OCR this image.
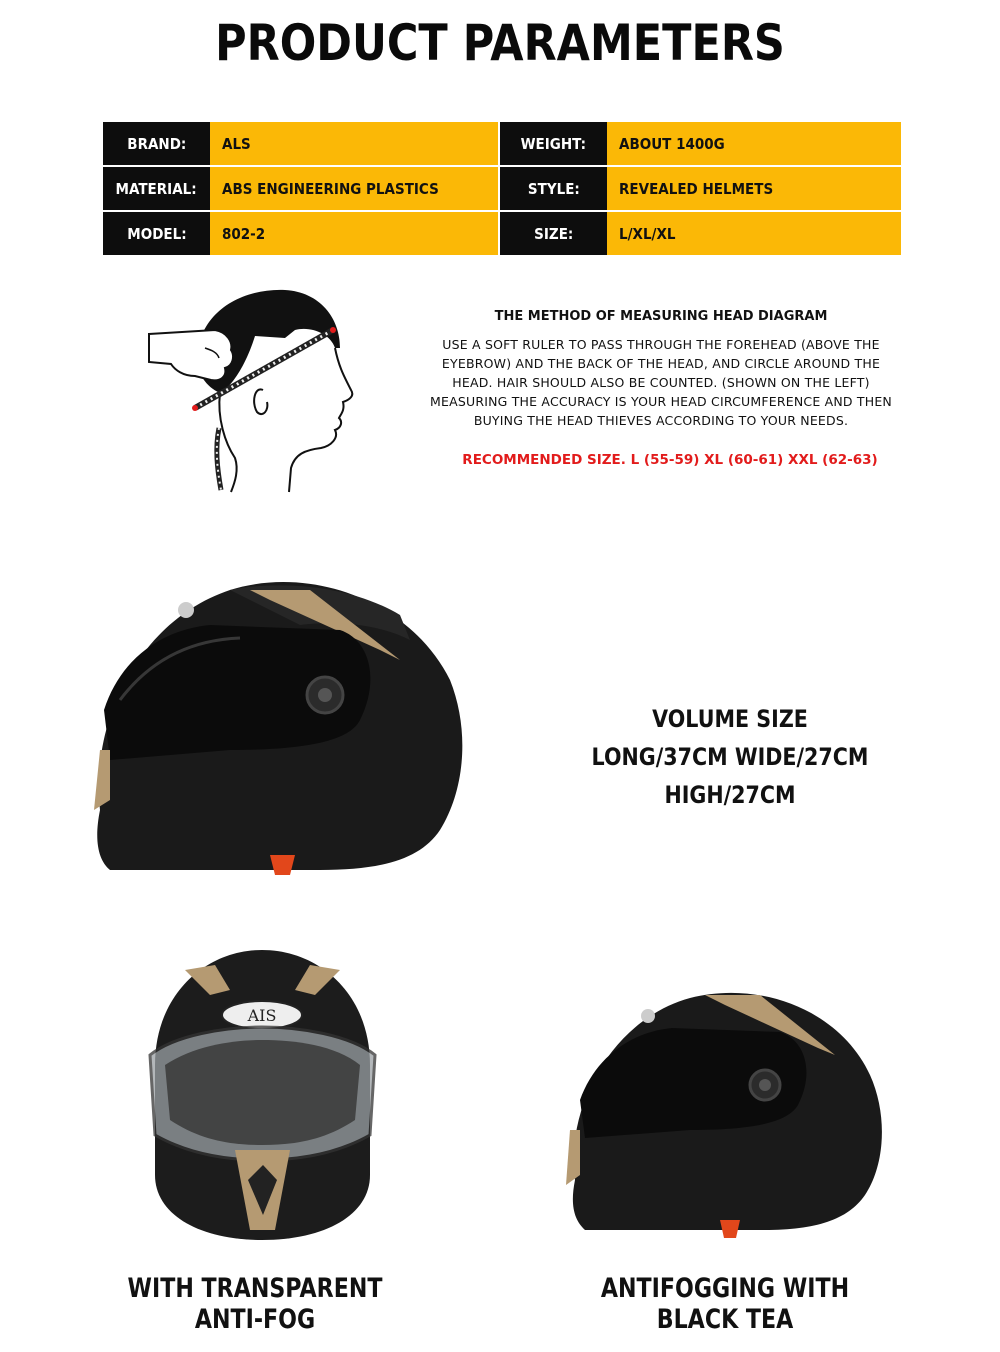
PRODUCT PARAMETERS
BRAND:	ALS	WEIGHT:	ABOUT 1400G
MATERIAL:	ABS ENGINEERING PLASTICS	STYLE:	REVEALED HELMETS
MODEL:	802-2	SIZE:	L/XL/XL
THE METHOD OF MEASURING HEAD DIAGRAM
USE A SOFT RULER TO PASS THROUGH THE FOREHEAD (ABOVE THE EYEBROW) AND THE BACK OF THE HEAD, AND CIRCLE AROUND THE HEAD. HAIR SHOULD ALSO BE COUNTED. (SHOWN ON THE LEFT) MEASURING THE ACCURACY IS YOUR HEAD CIRCUMFERENCE AND THEN BUYING THE HEAD THIEVES ACCORDING TO YOUR NEEDS.
RECOMMENDED SIZE. L (55-59) XL (60-61) XXL (62-63)
VOLUME SIZE
LONG/37CM WIDE/27CM HIGH/27CM
AIS
WITH TRANSPARENT ANTI-FOG
ANTIFOGGING WITH BLACK TEA
